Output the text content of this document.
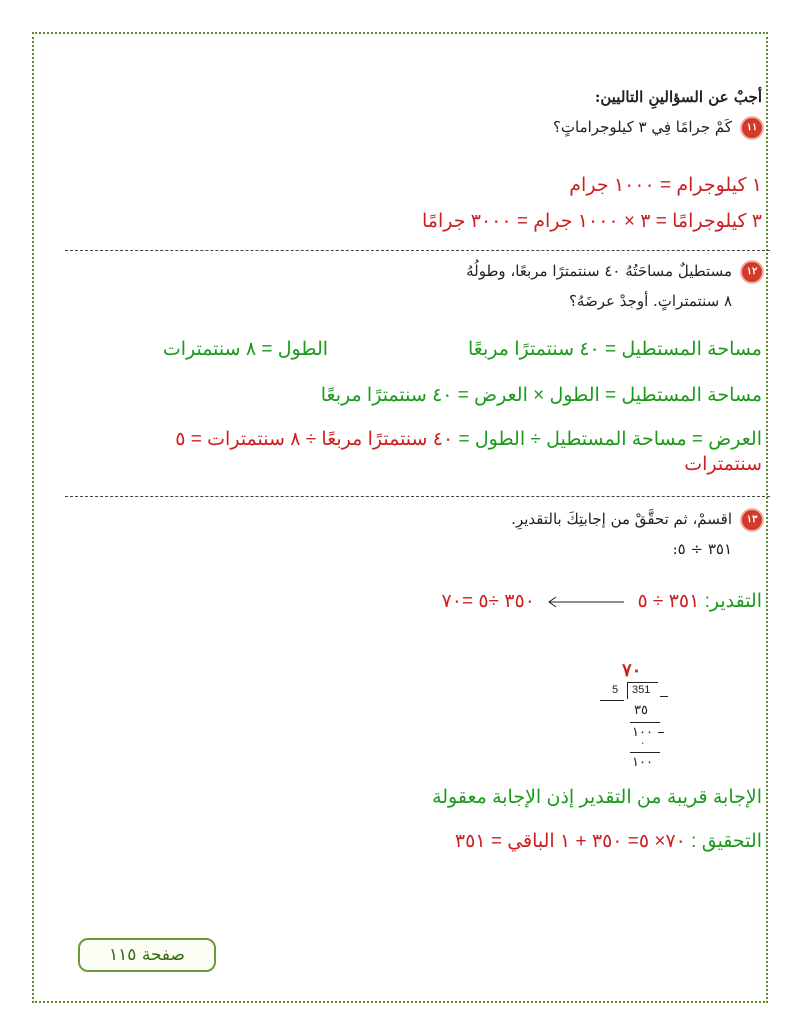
أجبْ عن السؤالينِ التاليين:
١١كَمْ جرامًا فِي ٣ كيلوجراماتٍ؟
١ كيلوجرام = ١٠٠٠ جرام
٣ كيلوجرامًا = ٣ × ١٠٠٠ جرام = ٣٠٠٠ جرامًا
١٢مستطيلٌ مساحَتُهُ ٤٠ سنتمترًا مربعًا، وطولُهُ
٨ سنتمتراتٍ. أوجدْ عرضَهُ؟
مساحة المستطيل = ٤٠ سنتمترًا مربعًاالطول = ٨ سنتمترات
مساحة المستطيل = الطول × العرض = ٤٠ سنتمترًا مربعًا
العرض = مساحة المستطيل ÷ الطول = ٤٠ سنتمترًا مربعًا ÷ ٨ سنتمترات = ٥
سنتمترات
١٣اقسمْ، ثم تحقَّقْ من إجابتِكَ بالتقديرِ.
٣٥١ ÷ ٥:
التقدير: ٣٥١ ÷ ٥
٣٥٠ ÷٥ =٧٠
٧٠
5 351
٣٥
١٠٠
٠
١٠٠
الإجابة قريبة من التقدير إذن الإجابة معقولة
التحقيق : ٧٠× ٥= ٣٥٠ + ١ الباقي = ٣٥١
صفحة ١١٥
